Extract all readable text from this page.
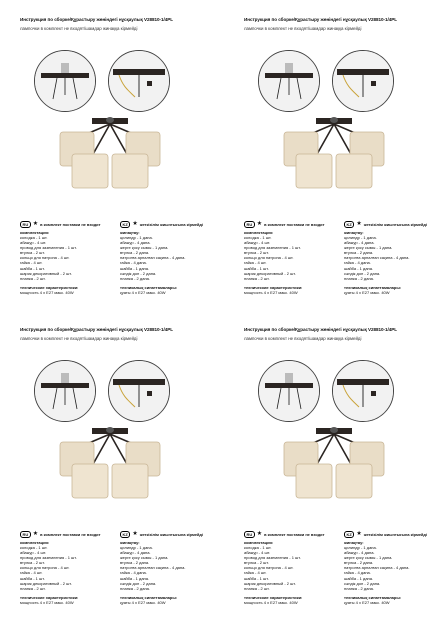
Инструкция по сборке/Құрастыру жөніндегі нұсқаулық V28810-1/4PL
лампочки в комплект не входят/шамдар жинаққа кірмейді
RU ★ в комплект поставки не входит
комплектация:
колодка - 1 шт.
абажур - 4 шт.
провод для заземления - 1 шт.
втулка - 2 шт.
кольцо для патрона - 4 шт.
гайка - 4 шт.
шайба - 1 шт.
шарик декоративный - 2 шт.
планка - 2 шт.
технические характеристики:
мощность 4 x E27 макс. 40W
KZ ★ жеткізілім жиынтығына кірмейді
жинақтау:
цилиндр - 1 дана.
абажур - 4 дана.
жерге қосу сымы - 1 дана.
втулка - 2 дана.
патронға арналған сақина - 4 дана.
гайка - 4 дана.
шайба - 1 дана.
сәндік доп - 2 дана.
планка - 2 дана.
техникалық сипаттамалары:
қуаты 4 x E27 макс. 40W
Инструкция по сборке/Құрастыру жөніндегі нұсқаулық V28810-1/4PL
лампочки в комплект не входят/шамдар жинаққа кірмейді
RU ★ в комплект поставки не входит
комплектация:
колодка - 1 шт.
абажур - 4 шт.
провод для заземления - 1 шт.
втулка - 2 шт.
кольцо для патрона - 4 шт.
гайка - 4 шт.
шайба - 1 шт.
шарик декоративный - 2 шт.
планка - 2 шт.
технические характеристики:
мощность 4 x E27 макс. 40W
KZ ★ жеткізілім жиынтығына кірмейді
жинақтау:
цилиндр - 1 дана.
абажур - 4 дана.
жерге қосу сымы - 1 дана.
втулка - 2 дана.
патронға арналған сақина - 4 дана.
гайка - 4 дана.
шайба - 1 дана.
сәндік доп - 2 дана.
планка - 2 дана.
техникалық сипаттамалары:
қуаты 4 x E27 макс. 40W
Инструкция по сборке/Құрастыру жөніндегі нұсқаулық V28810-1/4PL
лампочки в комплект не входят/шамдар жинаққа кірмейді
RU ★ в комплект поставки не входит
комплектация:
колодка - 1 шт.
абажур - 4 шт.
провод для заземления - 1 шт.
втулка - 2 шт.
кольцо для патрона - 4 шт.
гайка - 4 шт.
шайба - 1 шт.
шарик декоративный - 2 шт.
планка - 2 шт.
технические характеристики:
мощность 4 x E27 макс. 40W
KZ ★ жеткізілім жиынтығына кірмейді
жинақтау:
цилиндр - 1 дана.
абажур - 4 дана.
жерге қосу сымы - 1 дана.
втулка - 2 дана.
патронға арналған сақина - 4 дана.
гайка - 4 дана.
шайба - 1 дана.
сәндік доп - 2 дана.
планка - 2 дана.
техникалық сипаттамалары:
қуаты 4 x E27 макс. 40W
Инструкция по сборке/Құрастыру жөніндегі нұсқаулық V28810-1/4PL
лампочки в комплект не входят/шамдар жинаққа кірмейді
RU ★ в комплект поставки не входит
комплектация:
колодка - 1 шт.
абажур - 4 шт.
провод для заземления - 1 шт.
втулка - 2 шт.
кольцо для патрона - 4 шт.
гайка - 4 шт.
шайба - 1 шт.
шарик декоративный - 2 шт.
планка - 2 шт.
технические характеристики:
мощность 4 x E27 макс. 40W
KZ ★ жеткізілім жиынтығына кірмейді
жинақтау:
цилиндр - 1 дана.
абажур - 4 дана.
жерге қосу сымы - 1 дана.
втулка - 2 дана.
патронға арналған сақина - 4 дана.
гайка - 4 дана.
шайба - 1 дана.
сәндік доп - 2 дана.
планка - 2 дана.
техникалық сипаттамалары:
қуаты 4 x E27 макс. 40W
